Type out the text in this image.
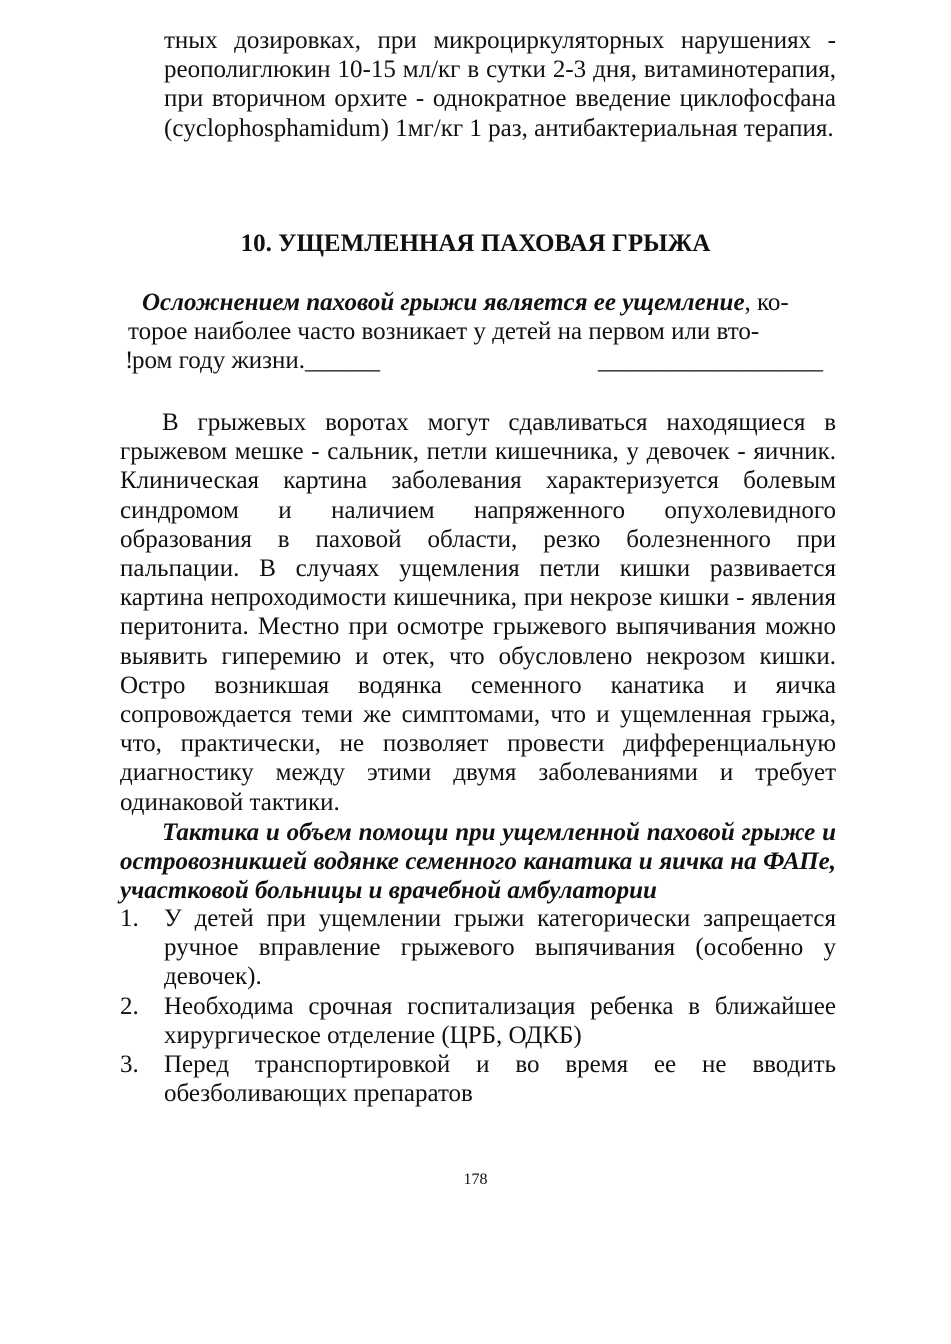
тных дозировках, при микроциркуляторных нарушениях - реополиглюкин 10-15 мл/кг в сутки 2-3 дня, витаминотерапия, при вторичном орхите - однократное введение циклофосфана (cyclophosphamidum) 1мг/кг 1 раз, антибактериальная терапия.

10. УЩЕМЛЕННАЯ ПАХОВАЯ ГРЫЖА
Осложнением паховой грыжи является ее ущемление, ко-
торое наиболее часто возникает у детей на первом или вто-
!
ром году жизни.______	__________________

В грыжевых воротах могут сдавливаться находящиеся в грыжевом мешке - сальник, петли кишечника, у девочек - яичник. Клиническая картина заболевания характеризуется болевым синдромом и наличием напряженного опухолевидного образования в паховой области, резко болезненного при пальпации. В случаях ущемления петли кишки развивается картина непроходимости кишечника, при некрозе кишки - явления перитонита. Местно при осмотре грыжевого выпячивания можно выявить гиперемию и отек, что обусловлено некрозом кишки. Остро возникшая водянка семенного канатика и яичка сопровождается теми же симптомами, что и ущемленная грыжа, что, практически, не позволяет провести дифференциальную диагностику между этими двумя заболеваниями и требует одинаковой тактики.

Тактика и объем помощи при ущемленной паховой грыже и островозникшей водянке семенного канатика и яичка на ФАПе, участковой больницы и врачебной амбулатории

1. У детей при ущемлении грыжи категорически запрещается ручное вправление грыжевого выпячивания (особенно у девочек).
2. Необходима срочная госпитализация ребенка в ближайшее хирургическое отделение (ЦРБ, ОДКБ)
3. Перед транспортировкой и во время ее не вводить обезболивающих препаратов
178
